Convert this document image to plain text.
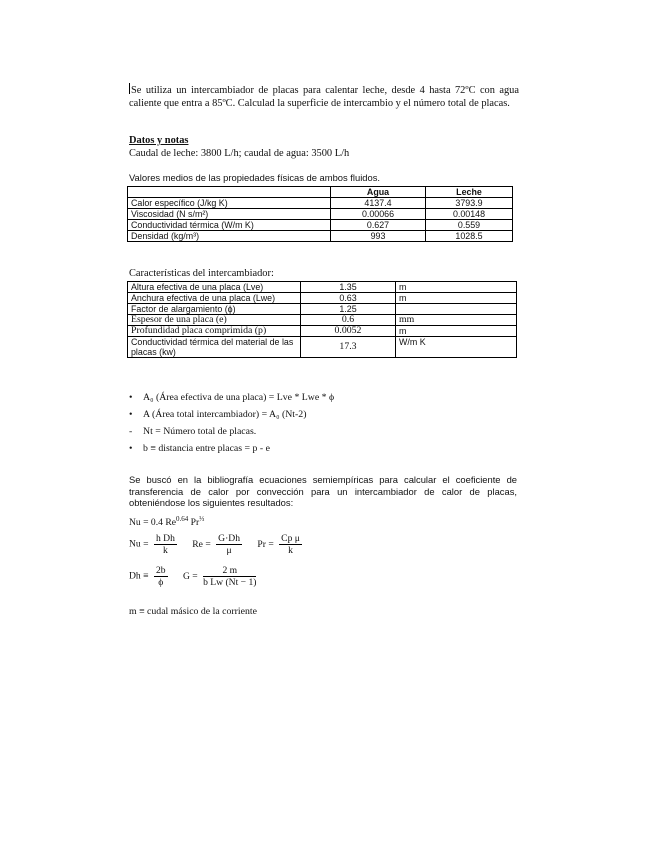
Se utiliza un intercambiador de placas para calentar leche, desde 4 hasta 72ºC con agua caliente que entra a 85ºC. Calculad la superficie de intercambio y el número total de placas.
Datos y notas
Caudal de leche: 3800 L/h; caudal de agua: 3500 L/h
Valores medios de las propiedades físicas de ambos fluidos.
	Agua	Leche
Calor específico (J/kg K)	4137.4	3793.9
Viscosidad (N s/m²)	0.00066	0.00148
Conductividad térmica (W/m K)	0.627	0.559
Densidad (kg/m³)	993	1028.5
Características del intercambiador:
Altura efectiva de una placa (Lve)	1.35	m
Anchura efectiva de una placa (Lwe)	0.63	m
Factor de alargamiento (ϕ)	1.25	
Espesor de una placa (e)	0.6	mm
Profundidad placa comprimida (p)	0.0052	m
Conductividad térmica del material de las placas (kw)	17.3	W/m K
•	A₀ (Área efectiva de una placa) = Lve * Lwe * ϕ
•	A (Área total intercambiador) = A₀ (Nt-2)
-	Nt = Número total de placas.
•	b ≡ distancia entre placas = p - e
Se buscó en la bibliografía ecuaciones semiempíricas para calcular el coeficiente de transferencia de calor por convección para un intercambiador de calor de placas, obteniéndose los siguientes resultados:
Nu = 0.4 $Re^{0.64}$ $Pr^{\frac{1}{3}}$
$Nu = \frac{\text{h Dh}}{k}$ $Re = \frac{G\cdot Dh}{\mu}$ $Pr = \frac{\text{Cp μ}}{k}$
$Dh \equiv \frac{2b}{\phi}$ $G = \frac{2 m}{\text{b Lw (Nt − 1)}}$
m ≡ cudal másico de la corriente
